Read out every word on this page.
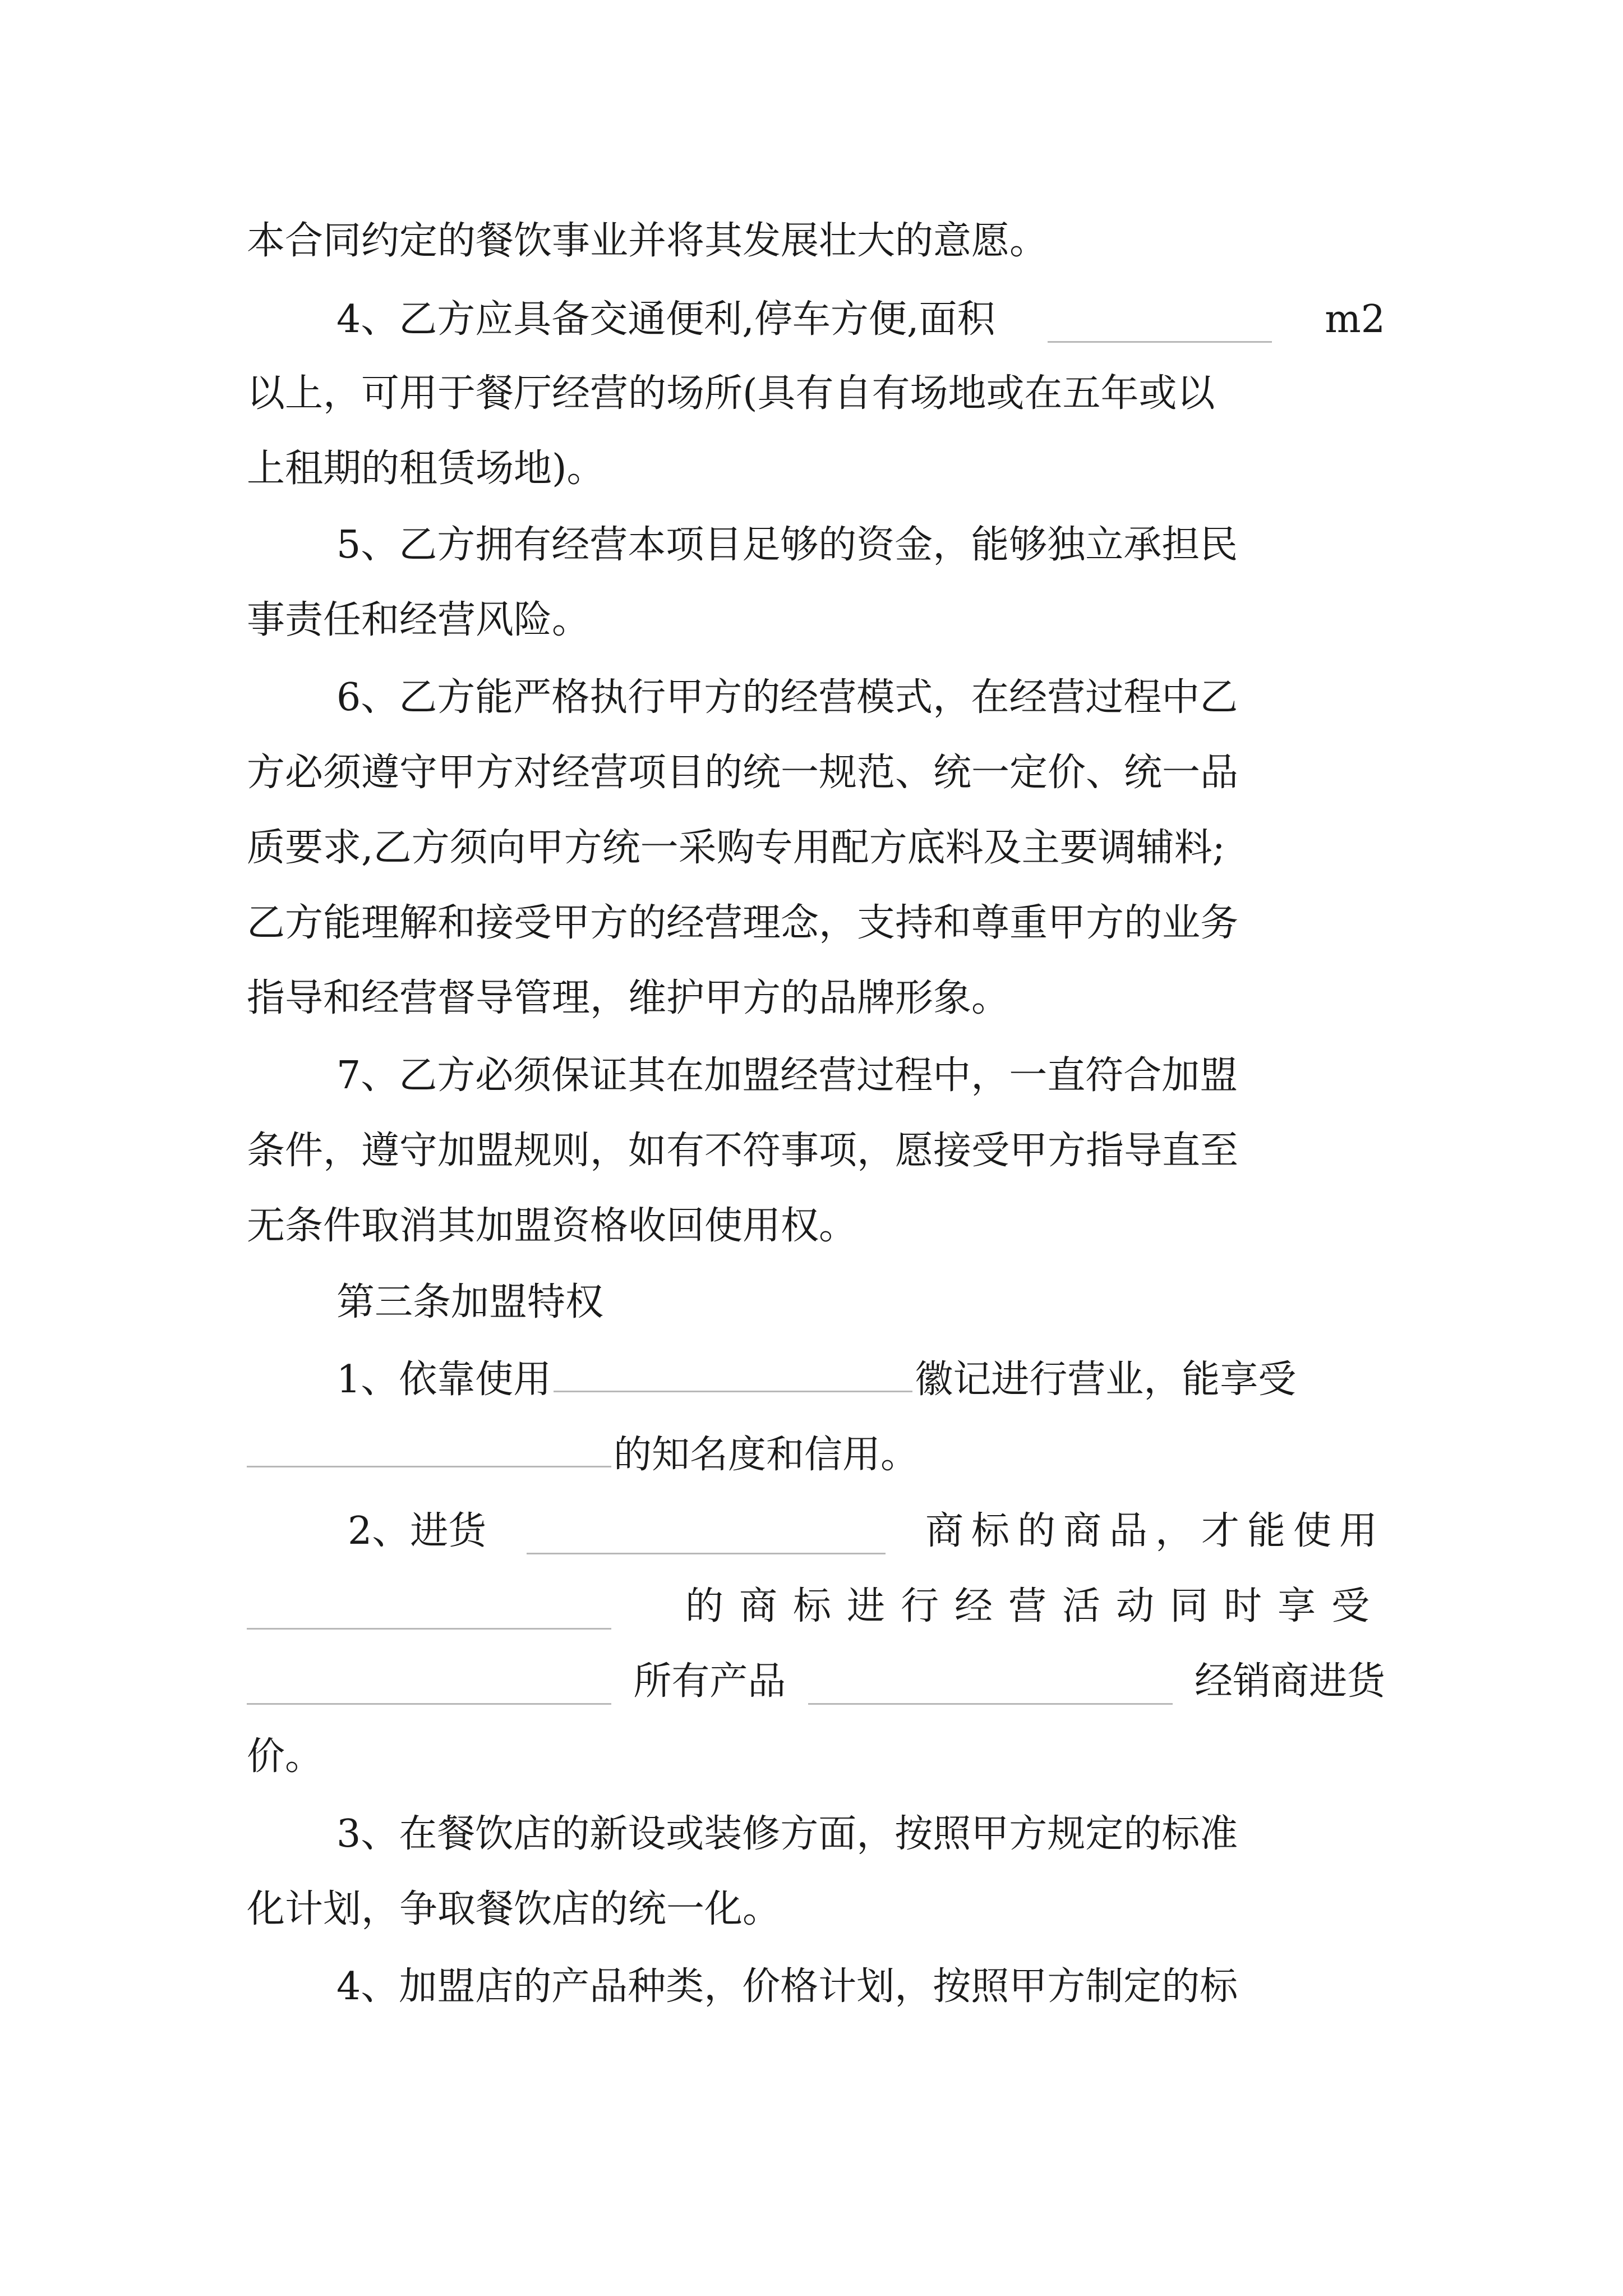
本合同约定的餐饮事业并将其发展壮大的意愿。

4、乙方应具备交通便利,停车方便,面积	m2

以上，可用于餐厅经营的场所(具有自有场地或在五年或以

上租期的租赁场地)。

5、乙方拥有经营本项目足够的资金，能够独立承担民

事责任和经营风险。

6、乙方能严格执行甲方的经营模式，在经营过程中乙

方必须遵守甲方对经营项目的统一规范、统一定价、统一品

质要求,乙方须向甲方统一采购专用配方底料及主要调辅料;

乙方能理解和接受甲方的经营理念，支持和尊重甲方的业务

指导和经营督导管理，维护甲方的品牌形象。

7、乙方必须保证其在加盟经营过程中，一直符合加盟

条件，遵守加盟规则，如有不符事项，愿接受甲方指导直至

无条件取消其加盟资格收回使用权。

第三条加盟特权

1、依靠使用	徽记进行营业，能享受

的知名度和信用。

2、进货	商标的商品，才能使用

的商标进行经营活动同时享受

所有产品	经销商进货

价。

3、在餐饮店的新设或装修方面，按照甲方规定的标准

化计划，争取餐饮店的统一化。

4、加盟店的产品种类，价格计划，按照甲方制定的标
